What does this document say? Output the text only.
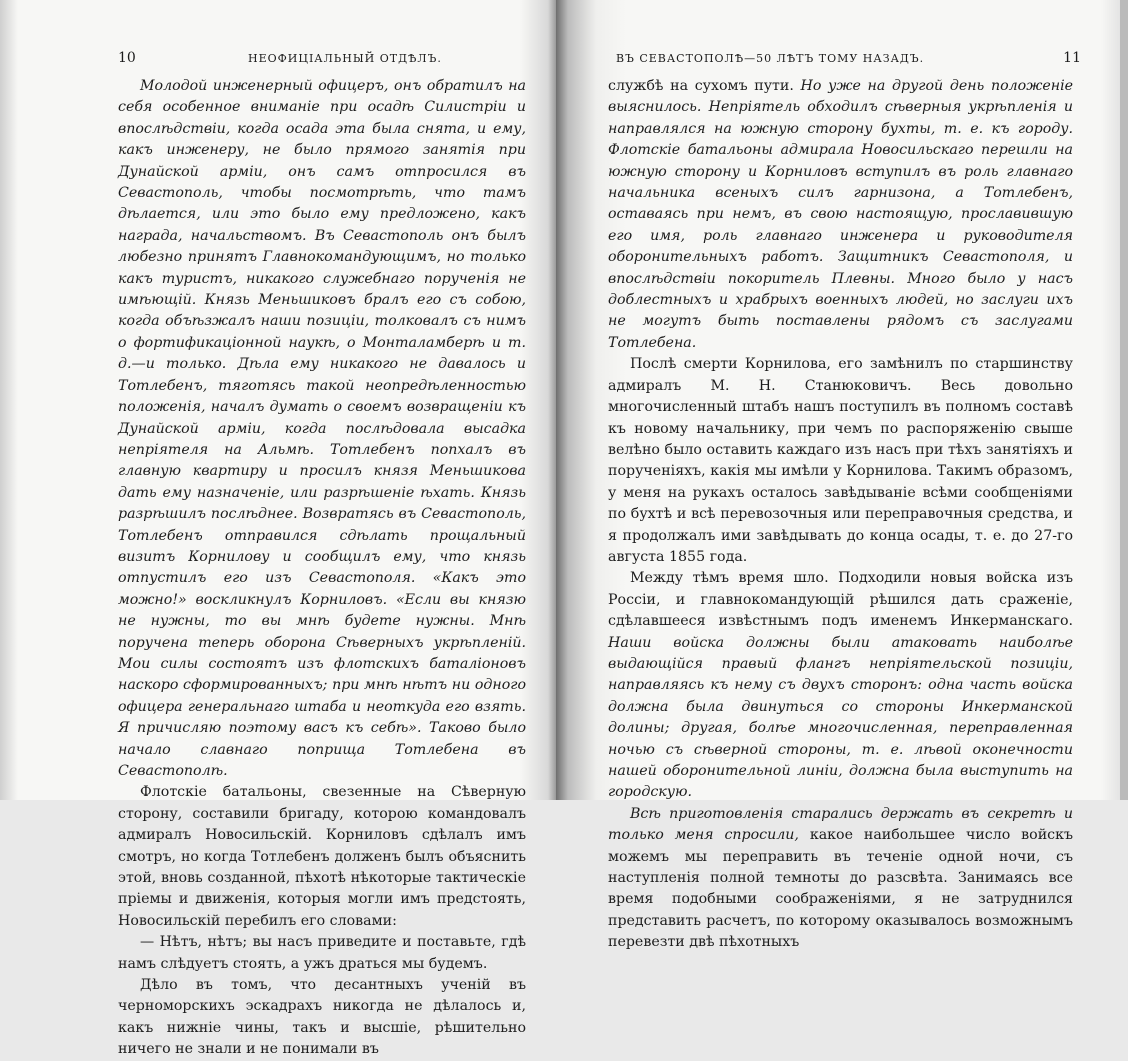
10	НЕОФИЦІАЛЬНЫЙ ОТДѢЛЪ.

Молодой инженерный офицеръ, онъ обратилъ на себя особенное вниманіе при осадѣ Силистріи и впослѣдствіи, когда осада эта была снята, и ему, какъ инженеру, не было прямого занятія при Дунайской арміи, онъ самъ отпросился въ Севастополь, чтобы посмотрѣть, что тамъ дѣлается, или это было ему предложено, какъ награда, начальствомъ. Въ Севастополь онъ былъ любезно принятъ Главнокомандующимъ, но только какъ туристъ, никакого служебнаго порученія не имѣющій. Князь Меньшиковъ бралъ его съ собою, когда объѣзжалъ наши позиціи, толковалъ съ нимъ о фортификаціонной наукѣ, о Монталамберѣ и т. д.—и только. Дѣла ему никакого не давалось и Тотлебенъ, тяготясь такой неопредѣленностью положенія, началъ думать о своемъ возвращеніи къ Дунайской арміи, когда послѣдовала высадка непріятеля на Альмѣ. Тотлебенъ попхалъ въ главную квартиру и просилъ князя Меньшикова дать ему назначеніе, или разрѣшеніе ѣхать. Князь разрѣшилъ послѣднее. Возвратясь въ Севастополь, Тотлебенъ отправился сдѣлать прощальный визитъ Корнилову и сообщилъ ему, что князь отпустилъ его изъ Севастополя. «Какъ это можно!» воскликнулъ Корниловъ. «Если вы князю не нужны, то вы мнѣ будете нужны. Мнѣ поручена теперь оборона Сѣверныхъ укрѣпленій. Мои силы состоятъ изъ флотскихъ баталіоновъ наскоро сформированныхъ; при мнѣ нѣтъ ни одного офицера генеральнаго штаба и неоткуда его взять. Я причисляю поэтому васъ къ себѣ». Таково было начало славнаго поприща Тотлебена въ Севастополѣ.

Флотскіе батальоны, свезенные на Сѣверную сторону, составили бригаду, которою командовалъ адмиралъ Новосильскій. Корниловъ сдѣлалъ имъ смотръ, но когда Тотлебенъ долженъ былъ объяснить этой, вновь созданной, пѣхотѣ нѣкоторые тактическіе пріемы и движенія, которыя могли имъ предстоять, Новосильскій перебилъ его словами:

— Нѣтъ, нѣтъ; вы насъ приведите и поставьте, гдѣ намъ слѣдуетъ стоять, а ужъ драться мы будемъ.

Дѣло въ томъ, что десантныхъ ученій въ черноморскихъ эскадрахъ никогда не дѣлалось и, какъ нижніе чины, такъ и высшіе, рѣшительно ничего не знали и не понимали въ

ВЪ СЕВАСТОПОЛѢ—50 ЛѢТЪ ТОМУ НАЗАДЪ.	11

службѣ на сухомъ пути. Но уже на другой день положеніе выяснилось. Непріятель обходилъ сѣверныя укрѣпленія и направлялся на южную сторону бухты, т. е. къ городу. Флотскіе батальоны адмирала Новосильскаго перешли на южную сторону и Корниловъ вступилъ въ роль главнаго начальника всеныхъ силъ гарнизона, а Тотлебенъ, оставаясь при немъ, въ свою настоящую, прославившую его имя, роль главнаго инженера и руководителя оборонительныхъ работъ. Защитникъ Севастополя, и впослѣдствіи покоритель Плевны. Много было у насъ доблестныхъ и храбрыхъ военныхъ людей, но заслуги ихъ не могутъ быть поставлены рядомъ съ заслугами Тотлебена.

Послѣ смерти Корнилова, его замѣнилъ по старшинству адмиралъ М. Н. Станюковичъ. Весь довольно многочисленный штабъ нашъ поступилъ въ полномъ составѣ къ новому начальнику, при чемъ по распоряженію свыше велѣно было оставить каждаго изъ насъ при тѣхъ занятіяхъ и порученіяхъ, какія мы имѣли у Корнилова. Такимъ образомъ, у меня на рукахъ осталось завѣдываніе всѣми сообщеніями по бухтѣ и всѣ перевозочныя или переправочныя средства, и я продолжалъ ими завѣдывать до конца осады, т. е. до 27-го августа 1855 года.

Между тѣмъ время шло. Подходили новыя войска изъ Россіи, и главнокомандующій рѣшился дать сраженіе, сдѣлавшееся извѣстнымъ подъ именемъ Инкерманскаго. Наши войска должны были атаковать наиболѣе выдающійся правый флангъ непріятельской позиціи, направляясь къ нему съ двухъ сторонъ: одна часть войска должна была двинуться со стороны Инкерманской долины; другая, болѣе многочисленная, переправленная ночью съ сѣверной стороны, т. е. лѣвой оконечности нашей оборонительной линіи, должна была выступить на городскую.

Всѣ приготовленія старались держать въ секретѣ и только меня спросили, какое наибольшее число войскъ можемъ мы переправить въ теченіе одной ночи, съ наступленія полной темноты до разсвѣта. Занимаясь все время подобными соображеніями, я не затруднился представить расчетъ, по которому оказывалось возможнымъ перевезти двѣ пѣхотныхъ
